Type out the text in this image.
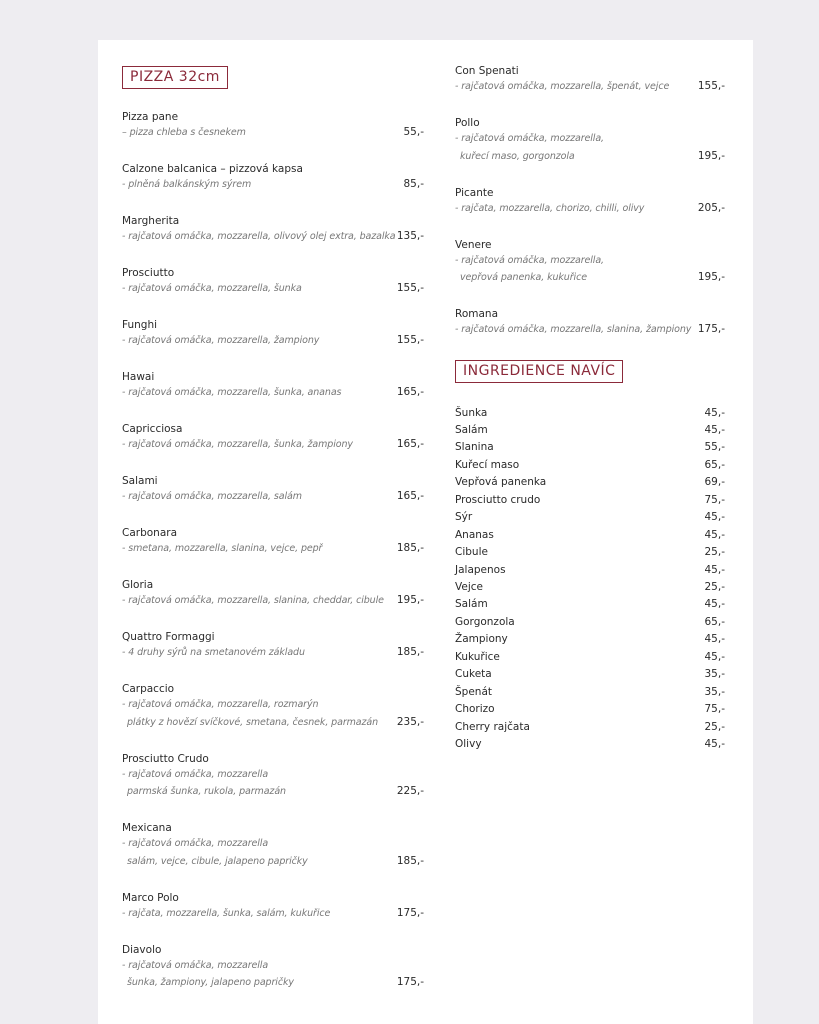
PIZZA 32cm
Pizza pane
– pizza chleba s česnekem	55,-
Calzone balcanica – pizzová kapsa
- plněná balkánským sýrem	85,-
Margherita
- rajčatová omáčka, mozzarella, olivový olej extra, bazalka 135,-
Prosciutto
- rajčatová omáčka, mozzarella, šunka	155,-
Funghi
- rajčatová omáčka, mozzarella, žampiony	155,-
Hawai
- rajčatová omáčka, mozzarella, šunka, ananas	165,-
Capricciosa
- rajčatová omáčka, mozzarella, šunka, žampiony	165,-
Salami
- rajčatová omáčka, mozzarella, salám	165,-
Carbonara
- smetana, mozzarella, slanina, vejce, pepř	185,-
Gloria
- rajčatová omáčka, mozzarella, slanina, cheddar, cibule 195,-
Quattro Formaggi
- 4 druhy sýrů na smetanovém základu	185,-
Carpaccio
- rajčatová omáčka, mozzarella, rozmarýn
plátky z hovězí svíčkové, smetana, česnek, parmazán 235,-
Prosciutto Crudo
- rajčatová omáčka, mozzarella
parmská šunka, rukola, parmazán	225,-
Mexicana
- rajčatová omáčka, mozzarella
salám, vejce, cibule, jalapeno papričky	185,-
Marco Polo
- rajčata, mozzarella, šunka, salám, kukuřice	175,-
Diavolo
- rajčatová omáčka, mozzarella
šunka, žampiony, jalapeno papričky	175,-
Con Spenati
- rajčatová omáčka, mozzarella, špenát, vejce	155,-
Pollo
- rajčatová omáčka, mozzarella,
kuřecí maso, gorgonzola	195,-
Picante
- rajčata, mozzarella, chorizo, chilli, olivy	205,-
Venere
- rajčatová omáčka, mozzarella,
vepřová panenka, kukuřice	195,-
Romana
- rajčatová omáčka, mozzarella, slanina, žampiony 175,-
INGREDIENCE NAVÍC
Šunka	45,-
Salám	45,-
Slanina	55,-
Kuřecí maso	65,-
Vepřová panenka	69,-
Prosciutto crudo	75,-
Sýr	45,-
Ananas	45,-
Cibule	25,-
Jalapenos	45,-
Vejce	25,-
Salám	45,-
Gorgonzola	65,-
Žampiony	45,-
Kukuřice	45,-
Cuketa	35,-
Špenát	35,-
Chorizo	75,-
Cherry rajčata	25,-
Olivy	45,-
